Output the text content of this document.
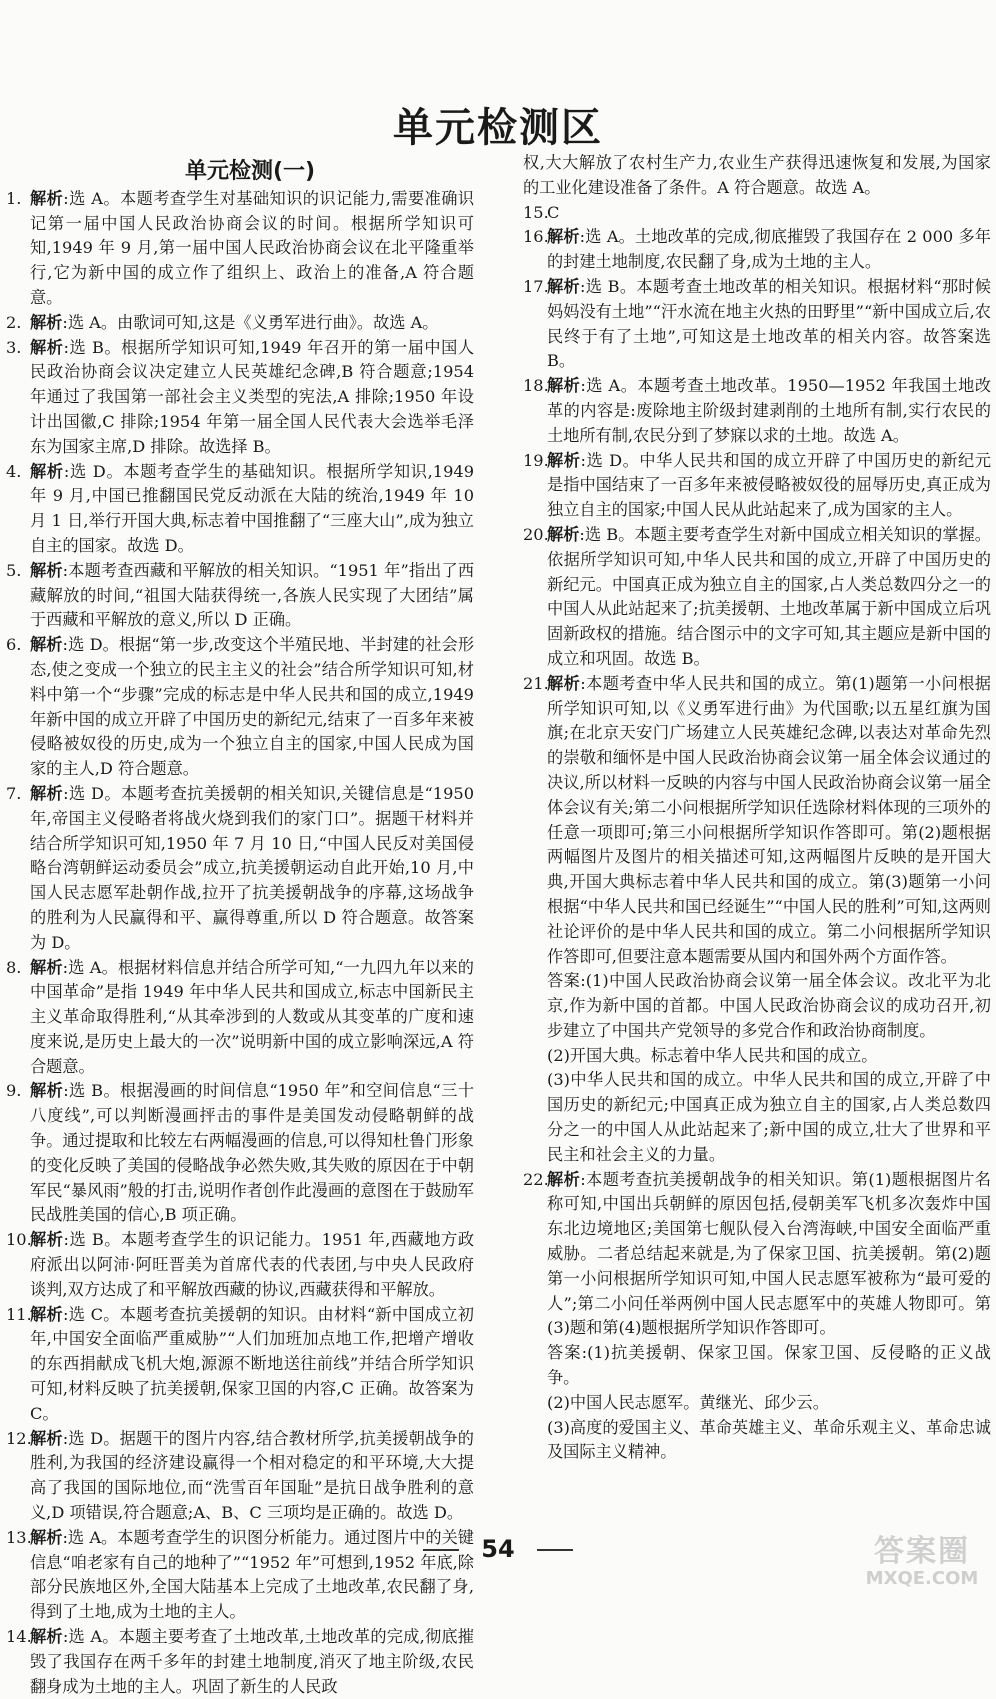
单元检测区
单元检测(一)
1. 解析:选 A。本题考查学生对基础知识的识记能力,需要准确识记第一届中国人民政治协商会议的时间。根据所学知识可知,1949 年 9 月,第一届中国人民政治协商会议在北平隆重举行,它为新中国的成立作了组织上、政治上的准备,A 符合题意。
2. 解析:选 A。由歌词可知,这是《义勇军进行曲》。故选 A。
3. 解析:选 B。根据所学知识可知,1949 年召开的第一届中国人民政治协商会议决定建立人民英雄纪念碑,B 符合题意;1954 年通过了我国第一部社会主义类型的宪法,A 排除;1950 年设计出国徽,C 排除;1954 年第一届全国人民代表大会选举毛泽东为国家主席,D 排除。故选择 B。
4. 解析:选 D。本题考查学生的基础知识。根据所学知识,1949 年 9 月,中国已推翻国民党反动派在大陆的统治,1949 年 10 月 1 日,举行开国大典,标志着中国推翻了“三座大山”,成为独立自主的国家。故选 D。
5. 解析:本题考查西藏和平解放的相关知识。“1951 年”指出了西藏解放的时间,“祖国大陆获得统一,各族人民实现了大团结”属于西藏和平解放的意义,所以 D 正确。
6. 解析:选 D。根据“第一步,改变这个半殖民地、半封建的社会形态,使之变成一个独立的民主主义的社会”结合所学知识可知,材料中第一个“步骤”完成的标志是中华人民共和国的成立,1949 年新中国的成立开辟了中国历史的新纪元,结束了一百多年来被侵略被奴役的历史,成为一个独立自主的国家,中国人民成为国家的主人,D 符合题意。
7. 解析:选 D。本题考查抗美援朝的相关知识,关键信息是“1950 年,帝国主义侵略者将战火烧到我们的家门口”。据题干材料并结合所学知识可知,1950 年 7 月 10 日,“中国人民反对美国侵略台湾朝鲜运动委员会”成立,抗美援朝运动自此开始,10 月,中国人民志愿军赴朝作战,拉开了抗美援朝战争的序幕,这场战争的胜利为人民赢得和平、赢得尊重,所以 D 符合题意。故答案为 D。
8. 解析:选 A。根据材料信息并结合所学可知,“一九四九年以来的中国革命”是指 1949 年中华人民共和国成立,标志中国新民主主义革命取得胜利,“从其牵涉到的人数或从其变革的广度和速度来说,是历史上最大的一次”说明新中国的成立影响深远,A 符合题意。
9. 解析:选 B。根据漫画的时间信息“1950 年”和空间信息“三十八度线”,可以判断漫画抨击的事件是美国发动侵略朝鲜的战争。通过提取和比较左右两幅漫画的信息,可以得知杜鲁门形象的变化反映了美国的侵略战争必然失败,其失败的原因在于中朝军民“暴风雨”般的打击,说明作者创作此漫画的意图在于鼓励军民战胜美国的信心,B 项正确。
10.
解析:选 B。本题考查学生的识记能力。1951 年,西藏地方政府派出以阿沛·阿旺晋美为首席代表的代表团,与中央人民政府谈判,双方达成了和平解放西藏的协议,西藏获得和平解放。
11.
解析:选 C。本题考查抗美援朝的知识。由材料“新中国成立初年,中国安全面临严重威胁”“人们加班加点地工作,把增产增收的东西捐献成飞机大炮,源源不断地送往前线”并结合所学知识可知,材料反映了抗美援朝,保家卫国的内容,C 正确。故答案为 C。
12.
解析:选 D。据题干的图片内容,结合教材所学,抗美援朝战争的胜利,为我国的经济建设赢得一个相对稳定的和平环境,大大提高了我国的国际地位,而“洗雪百年国耻”是抗日战争胜利的意义,D 项错误,符合题意;A、B、C 三项均是正确的。故选 D。
13.
解析:选 A。本题考查学生的识图分析能力。通过图片中的关键信息“咱老家有自己的地种了”“1952 年”可想到,1952 年底,除部分民族地区外,全国大陆基本上完成了土地改革,农民翻了身,得到了土地,成为土地的主人。
14.
解析:选 A。本题主要考查了土地改革,土地改革的完成,彻底摧毁了我国存在两千多年的封建土地制度,消灭了地主阶级,农民翻身成为土地的主人。巩固了新生的人民政
权,大大解放了农村生产力,农业生产获得迅速恢复和发展,为国家的工业化建设准备了条件。A 符合题意。故选 A。
15.
C
16.
解析:选 A。土地改革的完成,彻底摧毁了我国存在 2 000 多年的封建土地制度,农民翻了身,成为土地的主人。
17.
解析:选 B。本题考查土地改革的相关知识。根据材料“那时候妈妈没有土地”“汗水流在地主火热的田野里”“新中国成立后,农民终于有了土地”,可知这是土地改革的相关内容。故答案选 B。
18.
解析:选 A。本题考查土地改革。1950—1952 年我国土地改革的内容是:废除地主阶级封建剥削的土地所有制,实行农民的土地所有制,农民分到了梦寐以求的土地。故选 A。
19.
解析:选 D。中华人民共和国的成立开辟了中国历史的新纪元是指中国结束了一百多年来被侵略被奴役的屈辱历史,真正成为独立自主的国家;中国人民从此站起来了,成为国家的主人。
20.
解析:选 B。本题主要考查学生对新中国成立相关知识的掌握。依据所学知识可知,中华人民共和国的成立,开辟了中国历史的新纪元。中国真正成为独立自主的国家,占人类总数四分之一的中国人从此站起来了;抗美援朝、土地改革属于新中国成立后巩固新政权的措施。结合图示中的文字可知,其主题应是新中国的成立和巩固。故选 B。
21.
解析:本题考查中华人民共和国的成立。第(1)题第一小问根据所学知识可知,以《义勇军进行曲》为代国歌;以五星红旗为国旗;在北京天安门广场建立人民英雄纪念碑,以表达对革命先烈的崇敬和缅怀是中国人民政治协商会议第一届全体会议通过的决议,所以材料一反映的内容与中国人民政治协商会议第一届全体会议有关;第二小问根据所学知识任选除材料体现的三项外的任意一项即可;第三小问根据所学知识作答即可。第(2)题根据两幅图片及图片的相关描述可知,这两幅图片反映的是开国大典,开国大典标志着中华人民共和国的成立。第(3)题第一小问根据“中华人民共和国已经诞生”“中国人民的胜利”可知,这两则社论评价的是中华人民共和国的成立。第二小问根据所学知识作答即可,但要注意本题需要从国内和国外两个方面作答。
答案:(1)中国人民政治协商会议第一届全体会议。改北平为北京,作为新中国的首都。中国人民政治协商会议的成功召开,初步建立了中国共产党领导的多党合作和政治协商制度。
(2)开国大典。标志着中华人民共和国的成立。
(3)中华人民共和国的成立。中华人民共和国的成立,开辟了中国历史的新纪元;中国真正成为独立自主的国家,占人类总数四分之一的中国人从此站起来了;新中国的成立,壮大了世界和平民主和社会主义的力量。
22.
解析:本题考查抗美援朝战争的相关知识。第(1)题根据图片名称可知,中国出兵朝鲜的原因包括,侵朝美军飞机多次轰炸中国东北边境地区;美国第七舰队侵入台湾海峡,中国安全面临严重威胁。二者总结起来就是,为了保家卫国、抗美援朝。第(2)题第一小问根据所学知识可知,中国人民志愿军被称为“最可爱的人”;第二小问任举两例中国人民志愿军中的英雄人物即可。第(3)题和第(4)题根据所学知识作答即可。
答案:(1)抗美援朝、保家卫国。保家卫国、反侵略的正义战争。
(2)中国人民志愿军。黄继光、邱少云。
(3)高度的爱国主义、革命英雄主义、革命乐观主义、革命忠诚及国际主义精神。
54	答案圈
MXQE.COM
